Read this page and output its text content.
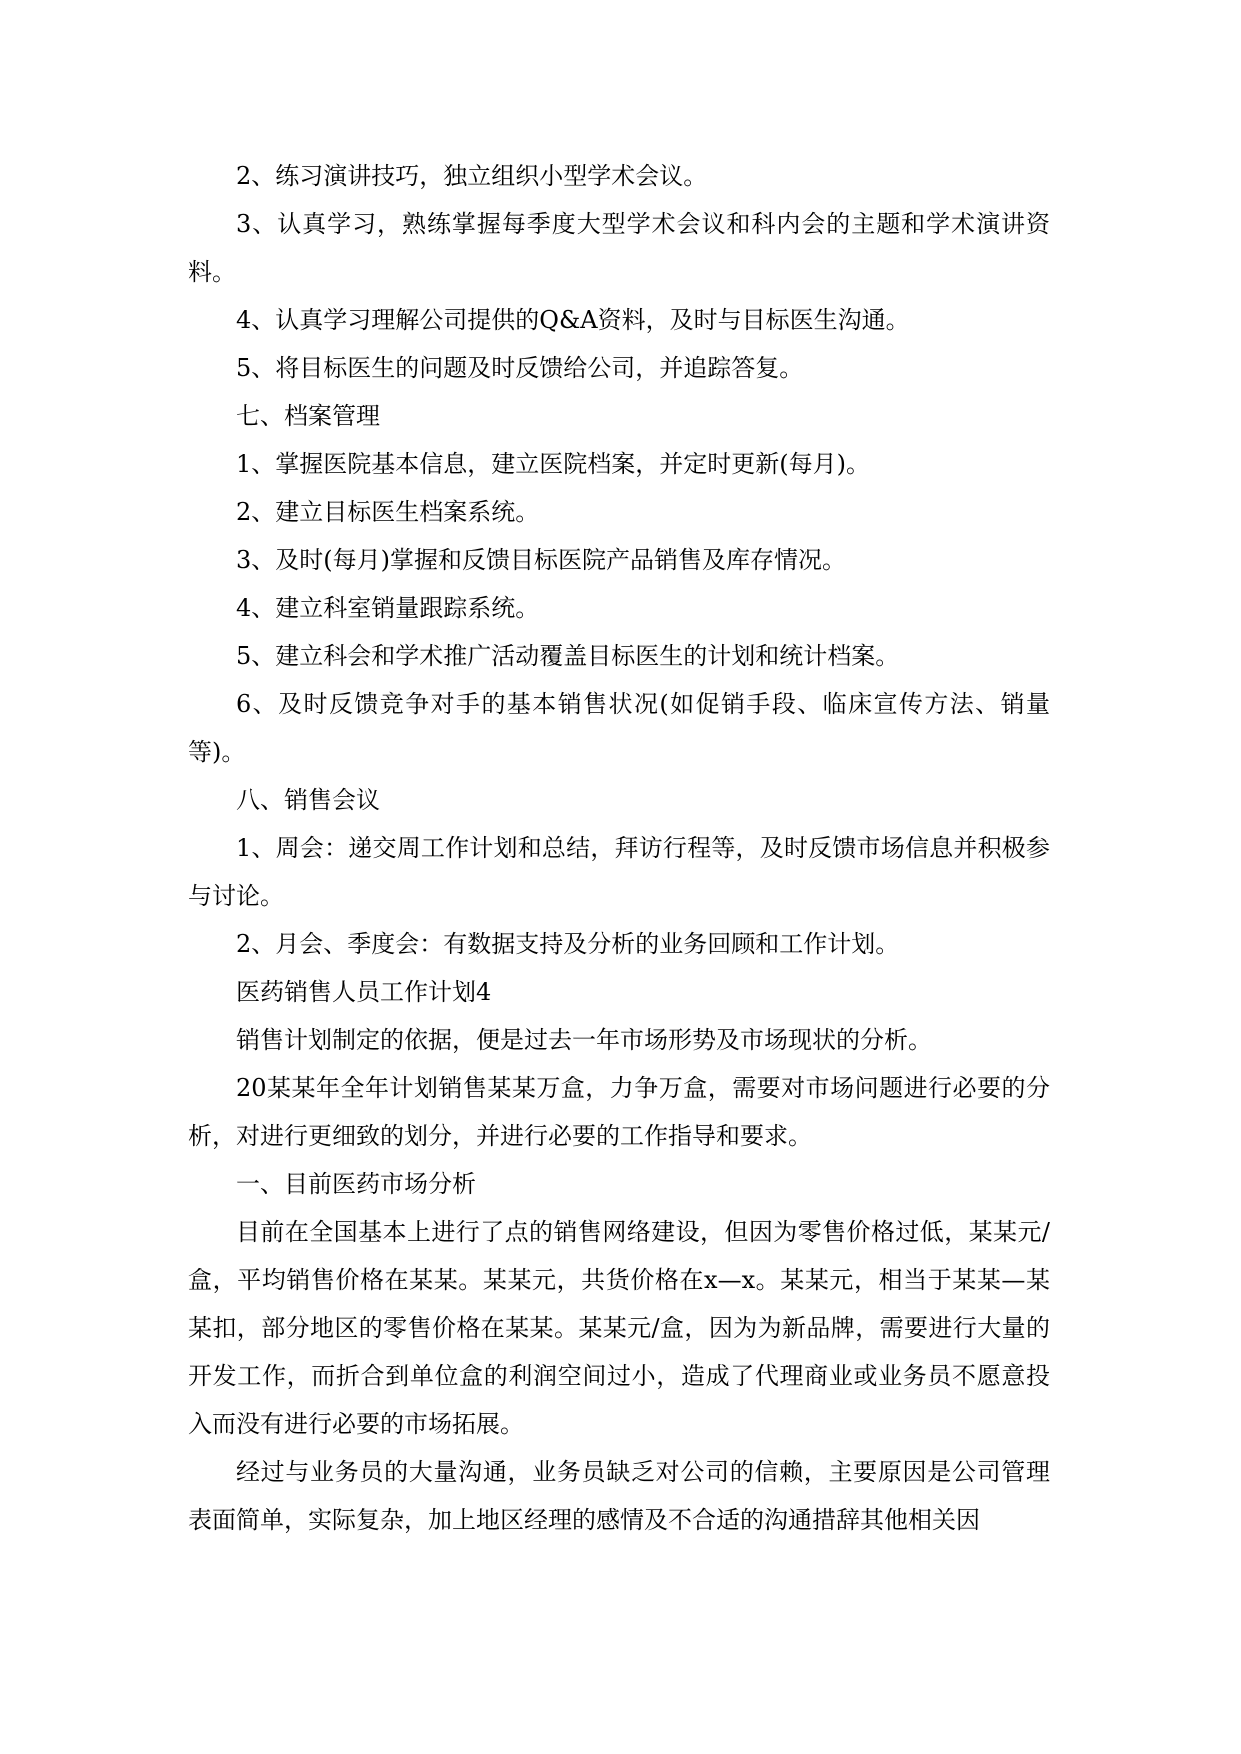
2、练习演讲技巧，独立组织小型学术会议。

3、认真学习，熟练掌握每季度大型学术会议和科内会的主题和学术演讲资料。

4、认真学习理解公司提供的Q&A资料，及时与目标医生沟通。

5、将目标医生的问题及时反馈给公司，并追踪答复。

七、档案管理

1、掌握医院基本信息，建立医院档案，并定时更新(每月)。

2、建立目标医生档案系统。

3、及时(每月)掌握和反馈目标医院产品销售及库存情况。

4、建立科室销量跟踪系统。

5、建立科会和学术推广活动覆盖目标医生的计划和统计档案。

6、及时反馈竞争对手的基本销售状况(如促销手段、临床宣传方法、销量等)。

八、销售会议

1、周会：递交周工作计划和总结，拜访行程等，及时反馈市场信息并积极参与讨论。

2、月会、季度会：有数据支持及分析的业务回顾和工作计划。

医药销售人员工作计划4

销售计划制定的依据，便是过去一年市场形势及市场现状的分析。

20某某年全年计划销售某某万盒，力争万盒，需要对市场问题进行必要的分析，对进行更细致的划分，并进行必要的工作指导和要求。

一、目前医药市场分析

目前在全国基本上进行了点的销售网络建设，但因为零售价格过低，某某元/盒，平均销售价格在某某。某某元，共货价格在x—x。某某元，相当于某某—某某扣，部分地区的零售价格在某某。某某元/盒，因为为新品牌，需要进行大量的开发工作，而折合到单位盒的利润空间过小，造成了代理商业或业务员不愿意投入而没有进行必要的市场拓展。

经过与业务员的大量沟通，业务员缺乏对公司的信赖，主要原因是公司管理表面简单，实际复杂，加上地区经理的感情及不合适的沟通措辞其他相关因
